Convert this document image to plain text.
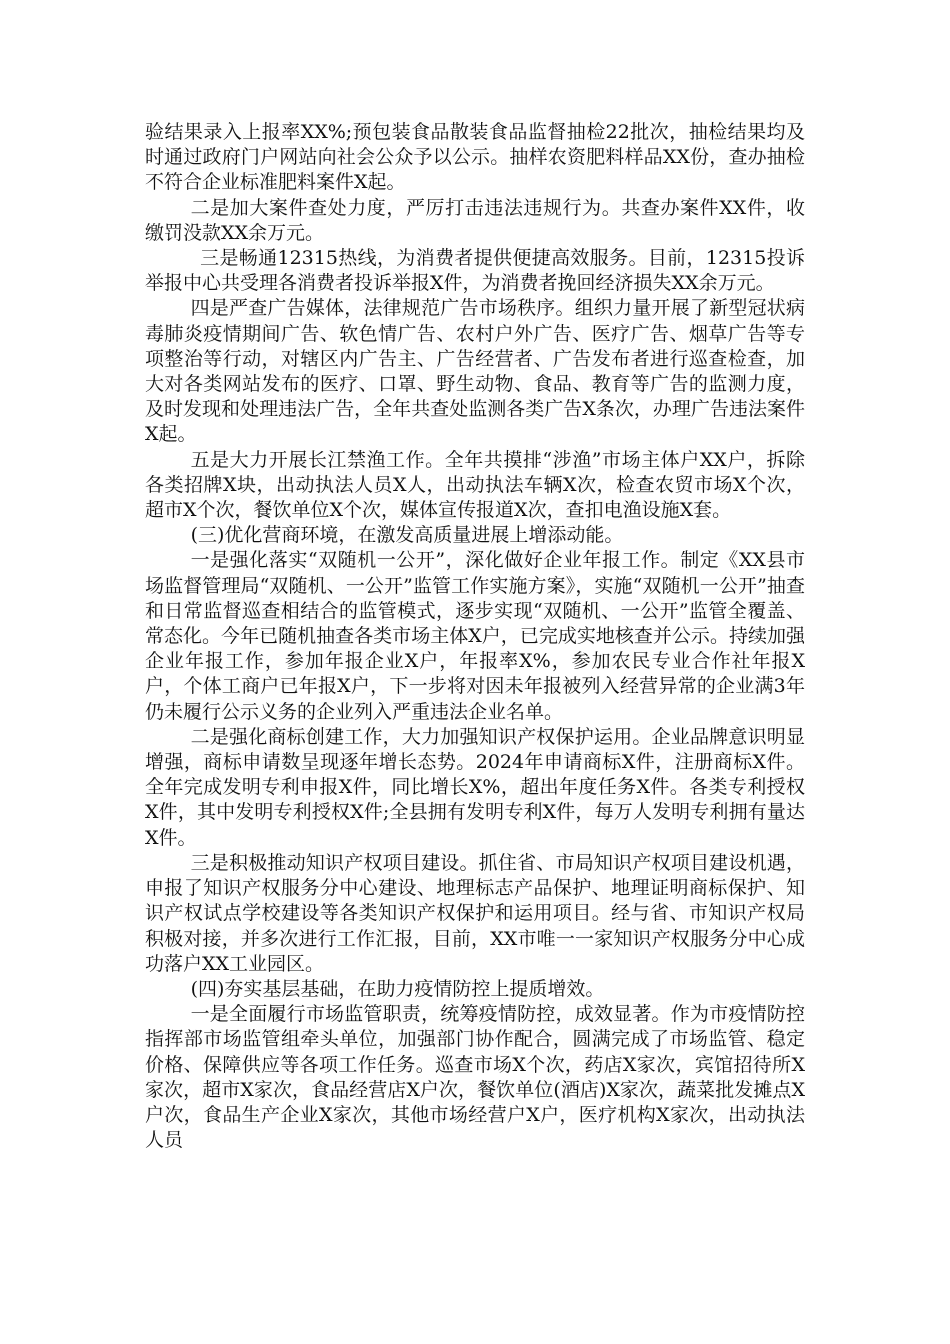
验结果录入上报率XX%;预包装食品散装食品监督抽检22批次，抽检结果均及时通过政府门户网站向社会公众予以公示。抽样农资肥料样品XX份，查办抽检不符合企业标准肥料案件X起。

二是加大案件查处力度，严厉打击违法违规行为。共查办案件XX件，收缴罚没款XX余万元。

三是畅通12315热线，为消费者提供便捷高效服务。目前，12315投诉举报中心共受理各消费者投诉举报X件，为消费者挽回经济损失XX余万元。

四是严查广告媒体，法律规范广告市场秩序。组织力量开展了新型冠状病毒肺炎疫情期间广告、软色情广告、农村户外广告、医疗广告、烟草广告等专项整治等行动，对辖区内广告主、广告经营者、广告发布者进行巡查检查，加大对各类网站发布的医疗、口罩、野生动物、食品、教育等广告的监测力度，及时发现和处理违法广告，全年共查处监测各类广告X条次，办理广告违法案件X起。

五是大力开展长江禁渔工作。全年共摸排“涉渔”市场主体户XX户，拆除各类招牌X块，出动执法人员X人，出动执法车辆X次，检查农贸市场X个次，超市X个次，餐饮单位X个次，媒体宣传报道X次，查扣电渔设施X套。

(三)优化营商环境，在激发高质量进展上增添动能。

一是强化落实“双随机一公开”，深化做好企业年报工作。制定《XX县市场监督管理局“双随机、一公开”监管工作实施方案》，实施“双随机一公开”抽查和日常监督巡查相结合的监管模式，逐步实现“双随机、一公开”监管全覆盖、常态化。今年已随机抽查各类市场主体X户，已完成实地核查并公示。持续加强企业年报工作，参加年报企业X户，年报率X%，参加农民专业合作社年报X户，个体工商户已年报X户，下一步将对因未年报被列入经营异常的企业满3年仍未履行公示义务的企业列入严重违法企业名单。

二是强化商标创建工作，大力加强知识产权保护运用。企业品牌意识明显增强，商标申请数呈现逐年增长态势。2024年申请商标X件，注册商标X件。全年完成发明专利申报X件，同比增长X%，超出年度任务X件。各类专利授权X件，其中发明专利授权X件;全县拥有发明专利X件，每万人发明专利拥有量达X件。

三是积极推动知识产权项目建设。抓住省、市局知识产权项目建设机遇，申报了知识产权服务分中心建设、地理标志产品保护、地理证明商标保护、知识产权试点学校建设等各类知识产权保护和运用项目。经与省、市知识产权局积极对接，并多次进行工作汇报，目前，XX市唯一一家知识产权服务分中心成功落户XX工业园区。

(四)夯实基层基础，在助力疫情防控上提质增效。

一是全面履行市场监管职责，统筹疫情防控，成效显著。作为市疫情防控指挥部市场监管组牵头单位，加强部门协作配合，圆满完成了市场监管、稳定价格、保障供应等各项工作任务。巡查市场X个次，药店X家次，宾馆招待所X家次，超市X家次，食品经营店X户次，餐饮单位(酒店)X家次，蔬菜批发摊点X户次，食品生产企业X家次，其他市场经营户X户，医疗机构X家次，出动执法人员
